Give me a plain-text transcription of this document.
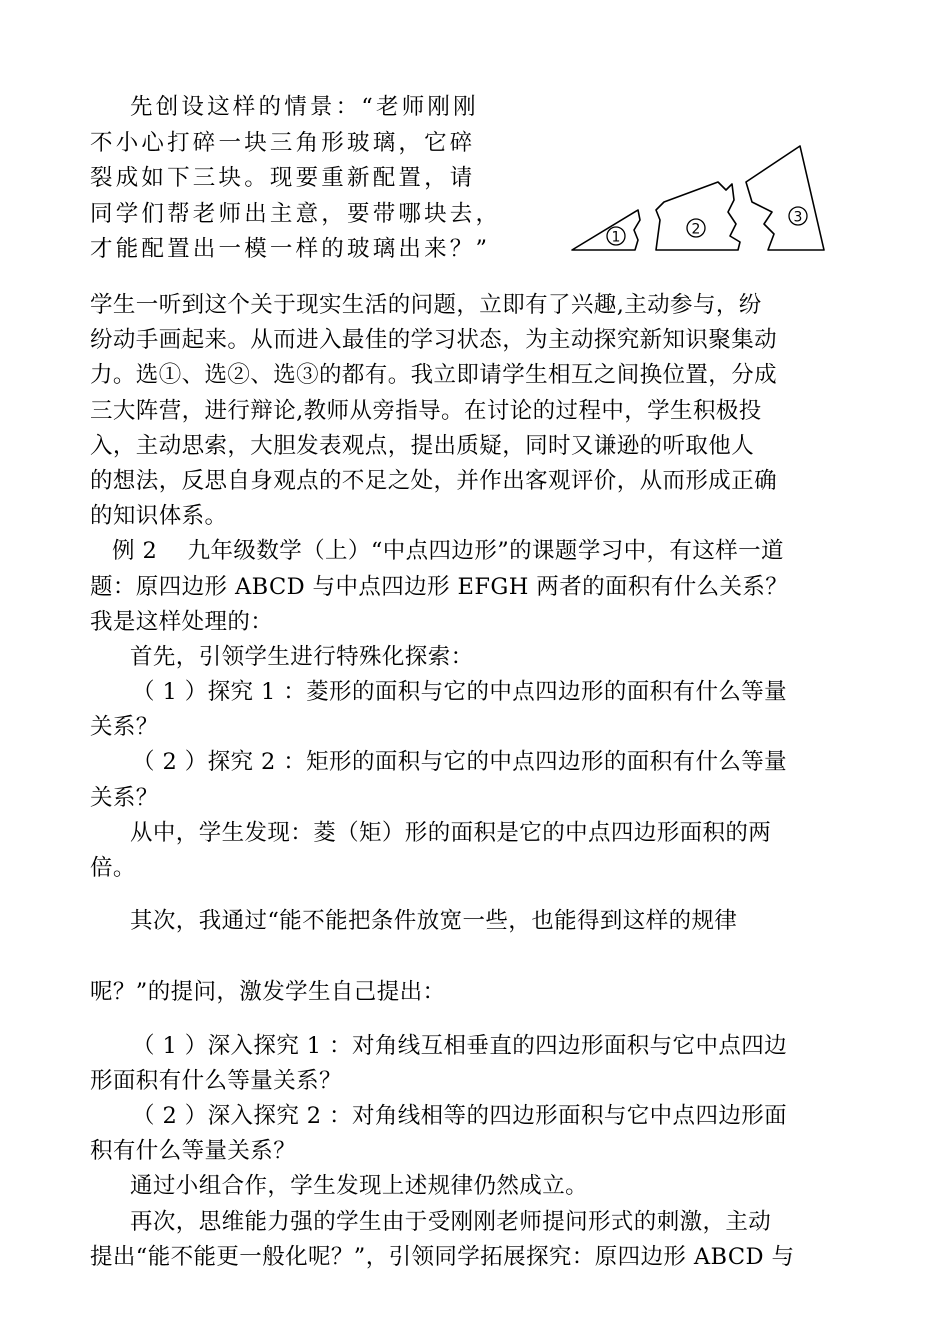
先创设这样的情景：“老师刚刚
不小心打碎一块三角形玻璃，它碎
裂成如下三块。现要重新配置，请
同学们帮老师出主意，要带哪块去，
才能配置出一模一样的玻璃出来？”	1	2
3
学生一听到这个关于现实生活的问题，立即有了兴趣,主动参与，纷
纷动手画起来。从而进入最佳的学习状态，为主动探究新知识聚集动
力。选①、选②、选③的都有。我立即请学生相互之间换位置，分成
三大阵营，进行辩论,教师从旁指导。在讨论的过程中，学生积极投
入，主动思索，大胆发表观点，提出质疑，同时又谦逊的听取他人
的想法，反思自身观点的不足之处，并作出客观评价，从而形成正确
的知识体系。
例 2　 九年级数学（上）“中点四边形”的课题学习中，有这样一道
题：原四边形 ABCD 与中点四边形 EFGH 两者的面积有什么关系？
我是这样处理的：
首先，引领学生进行特殊化探索：
（ 1 ）探究 1 ：菱形的面积与它的中点四边形的面积有什么等量
关系？
（ 2 ）探究 2 ：矩形的面积与它的中点四边形的面积有什么等量
关系？
从中，学生发现：菱（矩）形的面积是它的中点四边形面积的两
倍。
其次，我通过“能不能把条件放宽一些，也能得到这样的规律
呢？”的提问，激发学生自己提出：
（ 1 ）深入探究 1 ：对角线互相垂直的四边形面积与它中点四边
形面积有什么等量关系？
（ 2 ）深入探究 2 ：对角线相等的四边形面积与它中点四边形面
积有什么等量关系？
通过小组合作，学生发现上述规律仍然成立。
再次，思维能力强的学生由于受刚刚老师提问形式的刺激，主动
提出“能不能更一般化呢？”，引领同学拓展探究：原四边形 ABCD 与
